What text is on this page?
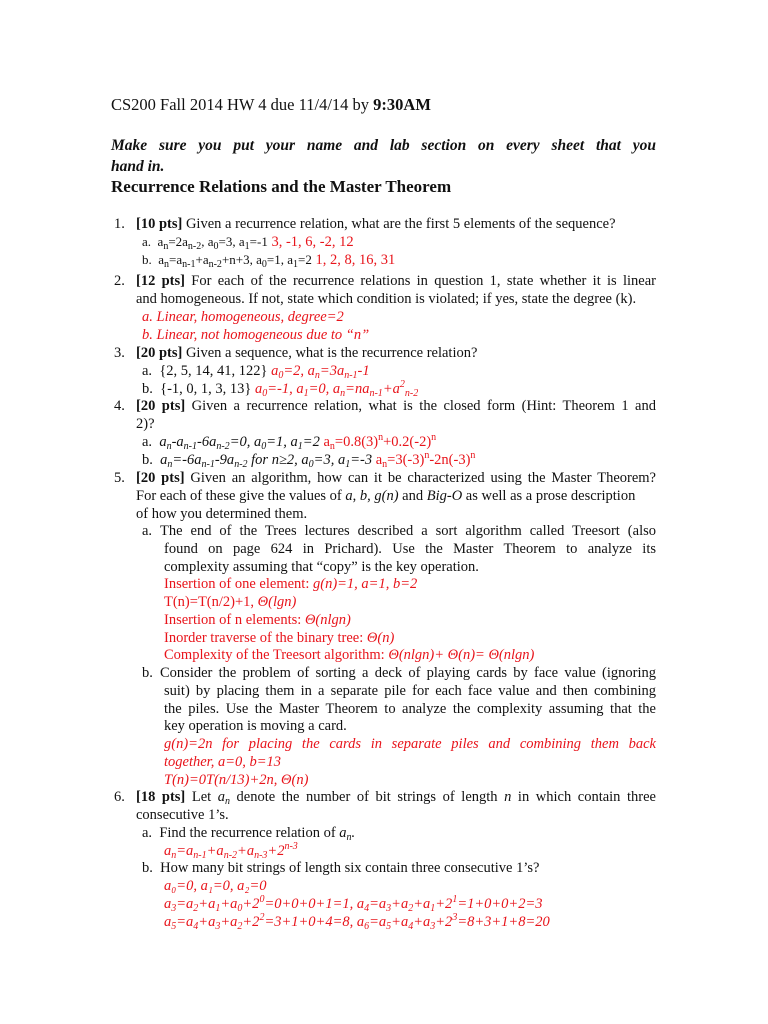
CS200 Fall 2014 HW 4 due 11/4/14 by 9:30AM
Make sure you put your name and lab section on every sheet that you
hand in.
Recurrence Relations and the Master Theorem
1. [10 pts] Given a recurrence relation, what are the first 5 elements of the sequence?
a.  $a_n=2a_{n-2}$, $a_0=3$, $a_1=-1$ 3, -1, 6, -2, 12
b.  $a_n=a_{n-1}+a_{n-2}+n+3$, $a_0=1$, $a_1=2$ 1, 2, 8, 16, 31
2. [12 pts] For each of the recurrence relations in question 1, state whether it is linear
and homogeneous. If not, state which condition is violated; if yes, state the degree (k).
a. Linear, homogeneous, degree=2
b. Linear, not homogeneous due to “n”
3. [20 pts] Given a sequence, what is the recurrence relation?
a. {2, 5, 14, 41, 122} $a_0=2$, $a_n=3a_{n-1}-1$
b. {-1, 0, 1, 3, 13} $a_0=-1$, $a_1=0$, $a_n=na_{n-1}+a^2_{n-2}$
4. [20 pts] Given a recurrence relation, what is the closed form (Hint: Theorem 1 and
2)?
a. $a_n-a_{n-1}-6a_{n-2}=0$, $a_0=1$, $a_1=2$ $a_n=0.8(3)^n+0.2(-2)^n$
b. $a_n=-6a_{n-1}-9a_{n-2}$ for n≥2, $a_0=3$, $a_1=-3$ $a_n=3(-3)^n-2n(-3)^n$
5. [20 pts] Given an algorithm, how can it be characterized using the Master Theorem?
For each of these give the values of a, b, g(n) and Big-O as well as a prose description
of how you determined them.
a. The end of the Trees lectures described a sort algorithm called Treesort (also
found on page 624 in Prichard). Use the Master Theorem to analyze its
complexity assuming that “copy” is the key operation.
Insertion of one element: g(n)=1, a=1, b=2
T(n)=T(n/2)+1, Θ(lgn)
Insertion of n elements: Θ(nlgn)
Inorder traverse of the binary tree: Θ(n)
Complexity of the Treesort algorithm: Θ(nlgn)+ Θ(n)= Θ(nlgn)
b. Consider the problem of sorting a deck of playing cards by face value (ignoring
suit) by placing them in a separate pile for each face value and then combining
the piles. Use the Master Theorem to analyze the complexity assuming that the
key operation is moving a card.
g(n)=2n for placing the cards in separate piles and combining them back
together, a=0, b=13
T(n)=0T(n/13)+2n, Θ(n)
6. [18 pts] Let $a_n$ denote the number of bit strings of length n in which contain three
consecutive 1’s.
a. Find the recurrence relation of $a_n$.
$a_n=a_{n-1}+a_{n-2}+a_{n-3}+2^{n-3}$
b. How many bit strings of length six contain three consecutive 1’s?
a₀=0, a₁=0, a₂=0
$a_3=a_2+a_1+a_0+2^0=0+0+0+1=1$, $a_4=a_3+a_2+a_1+2^1=1+0+0+2=3$
$a_5=a_4+a_3+a_2+2^2=3+1+0+4=8$, $a_6=a_5+a_4+a_3+2^3=8+3+1+8=20$
